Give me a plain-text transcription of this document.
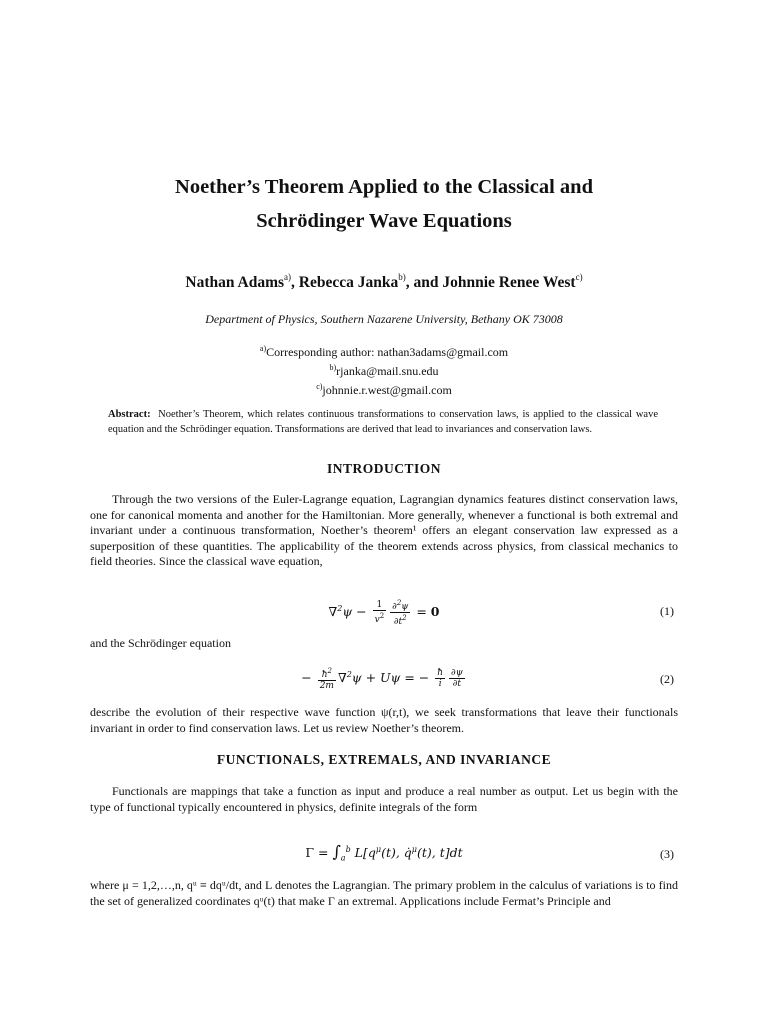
Noether’s Theorem Applied to the Classical and
Schrödinger Wave Equations
Nathan Adams$^{a)}$, Rebecca Janka$^{b)}$, and Johnnie Renee West$^{c)}$
Department of Physics, Southern Nazarene University, Bethany OK 73008
$^{a)}$Corresponding author: nathan3adams@gmail.com
$^{b)}$rjanka@mail.snu.edu
$^{c)}$johnnie.r.west@gmail.com
Abstract: Noether’s Theorem, which relates continuous transformations to conservation laws, is applied to the classical wave equation and the Schrödinger equation. Transformations are derived that lead to invariances and conservation laws.
INTRODUCTION
Through the two versions of the Euler-Lagrange equation, Lagrangian dynamics features distinct conservation laws, one for canonical momenta and another for the Hamiltonian. More generally, whenever a functional is both extremal and invariant under a continuous transformation, Noether’s theorem¹ offers an elegant conservation law expressed as a superposition of these quantities. The applicability of the theorem extends across physics, from classical mechanics to field theories. Since the classical wave equation,
$\nabla^2\psi - \frac{1}{v^2} \frac{\partial^2\psi}{\partial t^2} = 0$	(1)
and the Schrödinger equation
− $\frac{ħ^2}{2m} \nabla^2\psi + U\psi$ = − $\frac{ħ}{i} \frac{\partial\psi}{\partial t}$	(2)
describe the evolution of their respective wave function ψ(r,t), we seek transformations that leave their functionals invariant in order to find conservation laws. Let us review Noether’s theorem.
FUNCTIONALS, EXTREMALS, AND INVARIANCE
Functionals are mappings that take a function as input and produce a real number as output. Let us begin with the type of functional typically encountered in physics, definite integrals of the form
$\Gamma = \int_a^b$ $L[q^\mu(t)$, q̇$^\mu$(t), t]dt	(3)
where μ = 1,2,…,n, qᵘ ≡ dqᵘ/dt, and L denotes the Lagrangian. The primary problem in the calculus of variations is to find the set of generalized coordinates qᵘ(t) that make Γ an extremal. Applications include Fermat’s Principle and
